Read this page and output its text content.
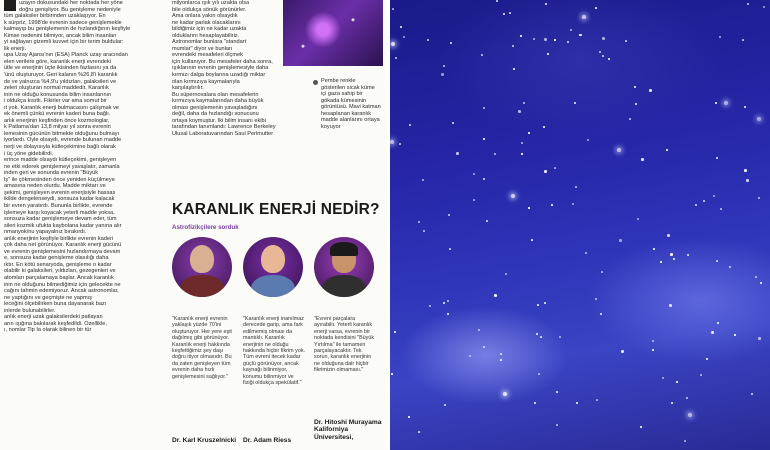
uzayın dokusundaki her noktada her yöne

doğru genişliyor. Bu genişleme nedeniyle

tüm galaksiler birbirinden uzaklaşıyor. En

k sürpriz, 1998'de evrenin sadece genişlemekle

kalmayıp bu genişlemenin de hızlandığının keşfiyle

Kimse nedenini bilmiyor, ancak bilim insanları

yi sağlayan gizemli kuvvet için bir terim buldular:

lik enerji.

upa Uzay Ajansı'nın (ESA) Planck uzay aracından

elen verilere göre, karanlık enerji evrendeki

ütle ve enerjinin üçte ikisinden fazlasını ya da

'ünü oluşturuyor. Geri kalanın %26,8'i karanlık

de ve yalnızca %4,9'u yıldızları, galaksileri ve

zeleri oluşturan normal maddedir. Karanlık

inin ne olduğu konusunda bilim insanlarının

i oldukça kısıtlı. Fikirler var ama somut bir

ıt yok. Karanlık enerji bulmacasını çalışmak ve

ek önemli çünkü evrenin kaderi buna bağlı.

arlık enerjinin keşfinden önce kozmologlar,

k Patlama'dan 13,8 milyar yıl sonra evrenin

lemesinin gücünün bitmekte olduğunu bulmayı

iyorlardı. Öyle olsaydı, evrende bulunan madde

nerji ve dolayısıyla kütleçekimine bağlı olarak

i üç yöne gidebilirdi.

erince madde olsaydı kütleçekimi, genişleyen

ne etki ederek genişlemeyi yavaşlatır, zamanla

inden geri ve sonunda evrenin "Büyük

lş" ile çökmesinden önce yeniden küçülmeye

amasına neden olurdu. Madde miktarı ve

şekimi, genişleyen evrenin enerjisiyle hassas

ikilde dengelenseydi, sonsuza kadar kalacak

bir evren yaratırdı. Bununla birlikte, evrende

işlemeye karşı koyacak yeterli madde yoksa,

sonsuza kadar genişlemeye devam eder, tüm

sileri kozmik ufukta kaybolana kadar yanına alır

nmanyok/nu yapayalnız bırakırdı.

anlık enerjinin keşfiyle birlikte evrenin kaderi

çok daha net görünüyor. Karanlık enerji gücünü

ve evrenin genişlemesini hızlandırmaya devam

e, sonsuza kadar genişleme olasılığı daha

ıktır. En kötü senaryoda, genişleme o kadar

olabilir ki galaksileri, yıldızları, gezegenleri ve

atomları parçalamaya başlar. Ancak karanlık

inin ne olduğunu bilmediğimiz için gelecekte ne

cağını tahmin edemiyoruz. Ancak astronomlar,

ne yaptığını ve geçmişte ne yapmış

leceğini ölçebilirken buna dayanarak bazı

inlerde bulunabilirler.

anlık enerji uzak galaksilerdeki patlayan

arın ışığına bakılarak keşfedildi. Özellikle,

ı, nomlar Tip Ia olarak bilinen bir tür

milyonlarca ışık yılı uzakta olsa

bile oldukça sönük görünürler.

Ama onlara yakın olsaydık

ne kadar parlak olacaklarını

bildiğimiz için ne kadar uzakta

olduklarını hesaplayabiliriz.

Astronomlar bunlara "standart

mumlar" diyor ve bunları

evrendeki mesafeleri ölçmek

için kullanıyor. Bu mesafeler daha sonra,

ışıklarının evrenin genişlemesiyle daha

kırmızı dalga boylarına uzadığı miktar

olan kırmızıya kaymalarıyla

karşılaştırılır.

Bu süpernovalara olan mesafelerin

kırmızıya kaymalarından daha büyük

olması genişlemenin yavaşladığını

değil, daha da hızlandığı sonucunu

ortaya koymuştur. İki bilim insanı ekibi

tarafından tanımlandı: Lawrence Berkeley

Ulusal Laboratuvarından Saul Perlmutter

Pembe renkle gösterilen sicak küme içi gaza sahip bir gökada kümesinin görüntüsü. Mavi katman hesaplanan karanlık madde alanlarını ortaya koyuyor

KARANLIK ENERJİ NEDİR?
Astrofizikçilere sorduk
"Karanlık enerji evrenin yaklaşık yüzde 70'ini oluşturuyor. Her yere eşit dağılmış gibi görünüyor. Karanlık enerji hakkında keşfettiğimiz şey daşı doğru itiyor olmasıdır. Bu da zaten genişleyen tüm evrenin daha hızlı genişlemesini sağlıyor."
"Karanlık enerji inanılmaz derecede garip, ama fark edilmemiş olması da mantıklı. Karanlık enerjinin ne olduğu hakkında hiçbir fikrim yok. Tüm evreni itecek kadar güçlü görünüyor, ancak kaynağı bilinmiyor, konumu bilinmiyor ve fiziği oldukça spekülatif."
"Evreni parçalara ayırabilir. Yeterli karanlık enerji varsa, evrenin bir noktada kendisini "Büyük Yırtılma" ile tamamen parçalayacaktır. Tek sorun, karanlık enerjinin ne olduğuna dair hiçbir fikrimizin olmaması."
Dr. Karl Kruszelnicki Dr. Adam Riess
Dr. Hitoshi Murayama Kaliforniya Üniversitesi,
